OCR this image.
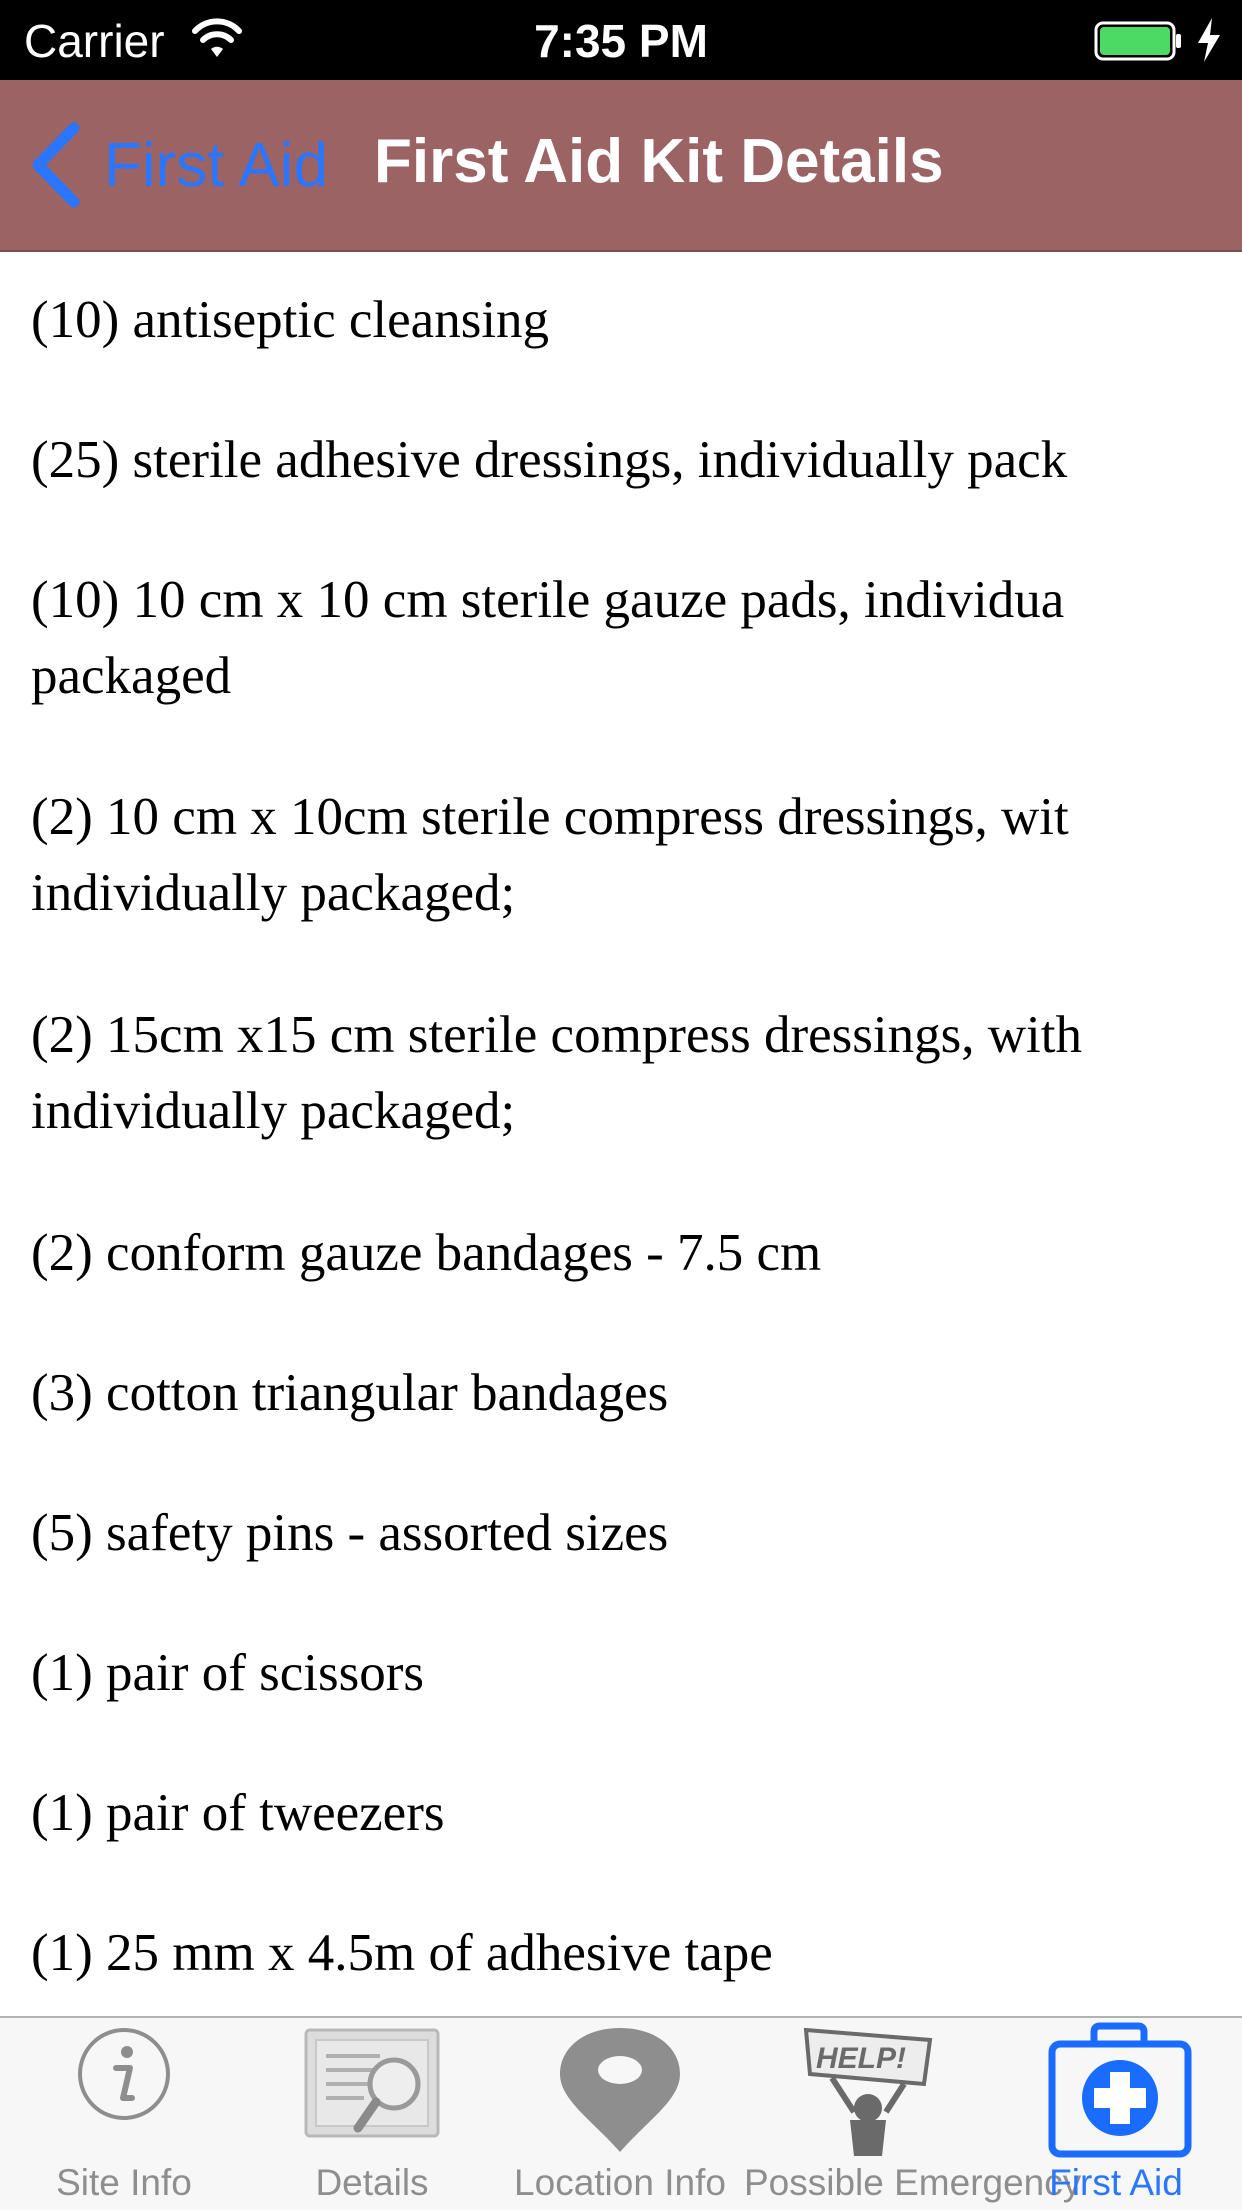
Carrier	7:35 PM
First Aid First Aid Kit Details
(10) antiseptic cleansing
(25) sterile adhesive dressings, individually pack
(10) 10 cm x 10 cm sterile gauze pads, individua
packaged
(2) 10 cm x 10cm sterile compress dressings, wit
individually packaged;
(2) 15cm x15 cm sterile compress dressings, with
individually packaged;
(2) conform gauze bandages - 7.5 cm
(3) cotton triangular bandages
(5) safety pins - assorted sizes
(1) pair of scissors
(1) pair of tweezers
(1) 25 mm x 4.5m of adhesive tape
Site Info	Details	Location Info
HELP!
Possible Emergency
First Aid
